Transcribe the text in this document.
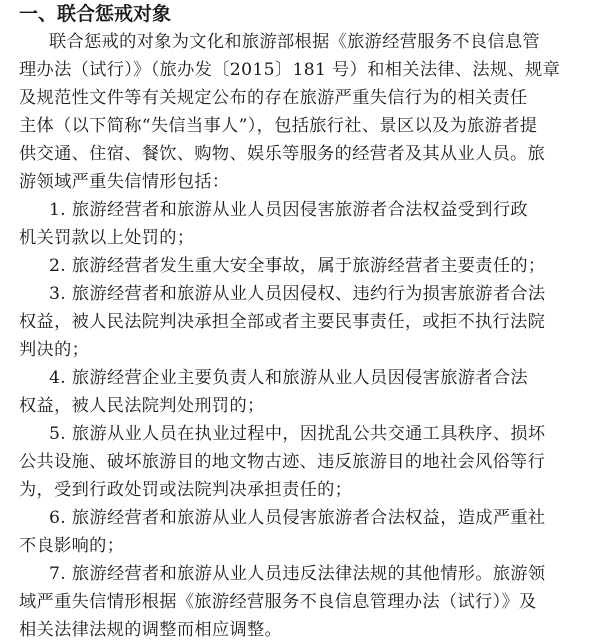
一、联合惩戒对象
联合惩戒的对象为文化和旅游部根据《旅游经营服务不良信息管
理办法（试行）》（旅办发〔2015〕181 号）和相关法律、法规、规章
及规范性文件等有关规定公布的存在旅游严重失信行为的相关责任
主体（以下简称“失信当事人”），包括旅行社、景区以及为旅游者提
供交通、住宿、餐饮、购物、娱乐等服务的经营者及其从业人员。旅
游领域严重失信情形包括：
1. 旅游经营者和旅游从业人员因侵害旅游者合法权益受到行政
机关罚款以上处罚的；
2. 旅游经营者发生重大安全事故，属于旅游经营者主要责任的；
3. 旅游经营者和旅游从业人员因侵权、违约行为损害旅游者合法
权益，被人民法院判决承担全部或者主要民事责任，或拒不执行法院
判决的；
4. 旅游经营企业主要负责人和旅游从业人员因侵害旅游者合法
权益，被人民法院判处刑罚的；
5. 旅游从业人员在执业过程中，因扰乱公共交通工具秩序、损坏
公共设施、破坏旅游目的地文物古迹、违反旅游目的地社会风俗等行
为，受到行政处罚或法院判决承担责任的；
6. 旅游经营者和旅游从业人员侵害旅游者合法权益，造成严重社
不良影响的；
7. 旅游经营者和旅游从业人员违反法律法规的其他情形。旅游领
域严重失信情形根据《旅游经营服务不良信息管理办法（试行）》及
相关法律法规的调整而相应调整。
